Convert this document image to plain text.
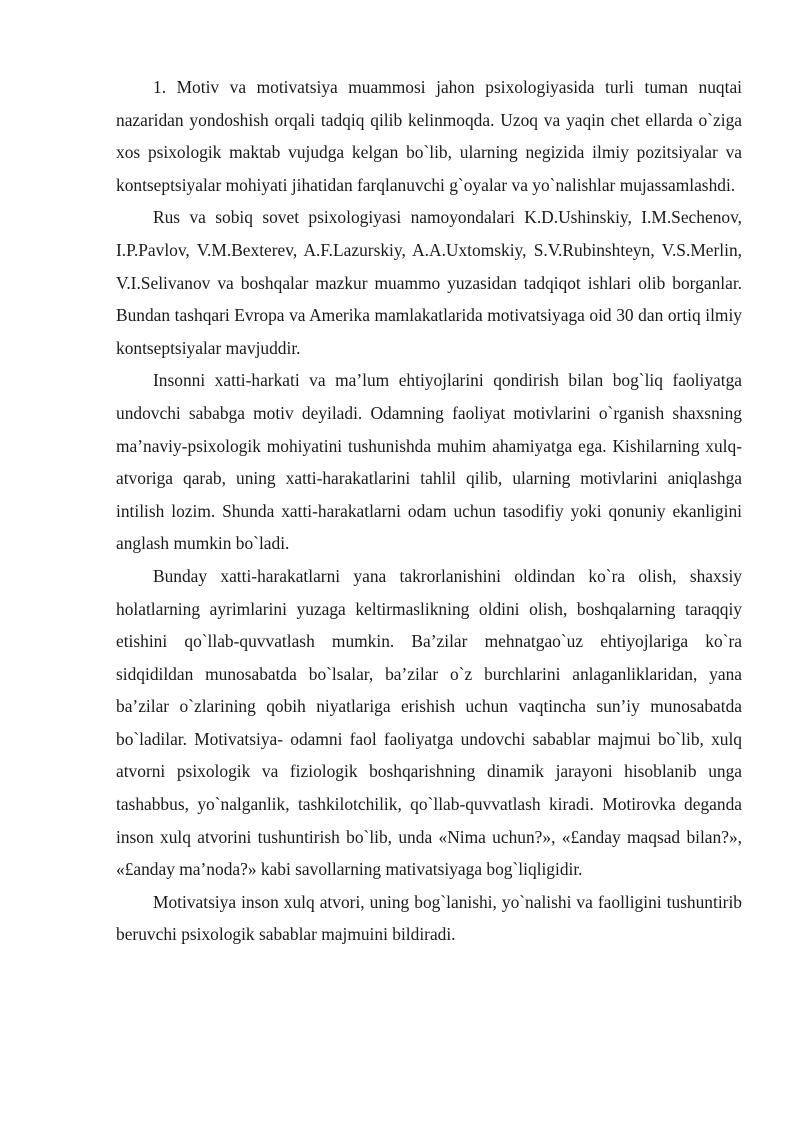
1. Motiv va motivatsiya muammosi jahon psixologiyasida turli tuman nuqtai nazaridan yondoshish orqali tadqiq qilib kelinmoqda. Uzoq va yaqin chet ellarda o`ziga xos psixologik maktab vujudga kelgan bo`lib, ularning negizida ilmiy pozitsiyalar va kontseptsiyalar mohiyati jihatidan farqlanuvchi g`oyalar va yo`nalishlar mujassamlashdi.

Rus va sobiq sovet psixologiyasi namoyondalari K.D.Ushinskiy, I.M.Sechenov, I.P.Pavlov, V.M.Bexterev, A.F.Lazurskiy, A.A.Uxtomskiy, S.V.Rubinshteyn, V.S.Merlin, V.I.Selivanov va boshqalar mazkur muammo yuzasidan tadqiqot ishlari olib borganlar. Bundan tashqari Evropa va Amerika mamlakatlarida motivatsiyaga oid 30 dan ortiq ilmiy kontseptsiyalar mavjuddir.

Insonni xatti-harkati va ma’lum ehtiyojlarini qondirish bilan bog`liq faoliyatga undovchi sababga motiv deyiladi. Odamning faoliyat motivlarini o`rganish shaxsning ma’naviy-psixologik mohiyatini tushunishda muhim ahamiyatga ega. Kishilarning xulq-atvoriga qarab, uning xatti-harakatlarini tahlil qilib, ularning motivlarini aniqlashga intilish lozim. Shunda xatti-harakatlarni odam uchun tasodifiy yoki qonuniy ekanligini anglash mumkin bo`ladi.

Bunday xatti-harakatlarni yana takrorlanishini oldindan ko`ra olish, shaxsiy holatlarning ayrimlarini yuzaga keltirmaslikning oldini olish, boshqalarning taraqqiy etishini qo`llab-quvvatlash mumkin. Ba’zilar mehnatgao`uz ehtiyojlariga ko`ra sidqidildan munosabatda bo`lsalar, ba’zilar o`z burchlarini anlaganliklaridan, yana ba’zilar o`zlarining qobih niyatlariga erishish uchun vaqtincha sun’iy munosabatda bo`ladilar. Motivatsiya- odamni faol faoliyatga undovchi sabablar majmui bo`lib, xulq atvorni psixologik va fiziologik boshqarishning dinamik jarayoni hisoblanib unga tashabbus, yo`nalganlik, tashkilotchilik, qo`llab-quvvatlash kiradi. Motirovka deganda inson xulq atvorini tushuntirish bo`lib, unda «Nima uchun?», «£anday maqsad bilan?», «£anday ma’noda?» kabi savollarning mativatsiyaga bog`liqligidir.

Motivatsiya inson xulq atvori, uning bog`lanishi, yo`nalishi va faolligini tushuntirib beruvchi psixologik sabablar majmuini bildiradi.
